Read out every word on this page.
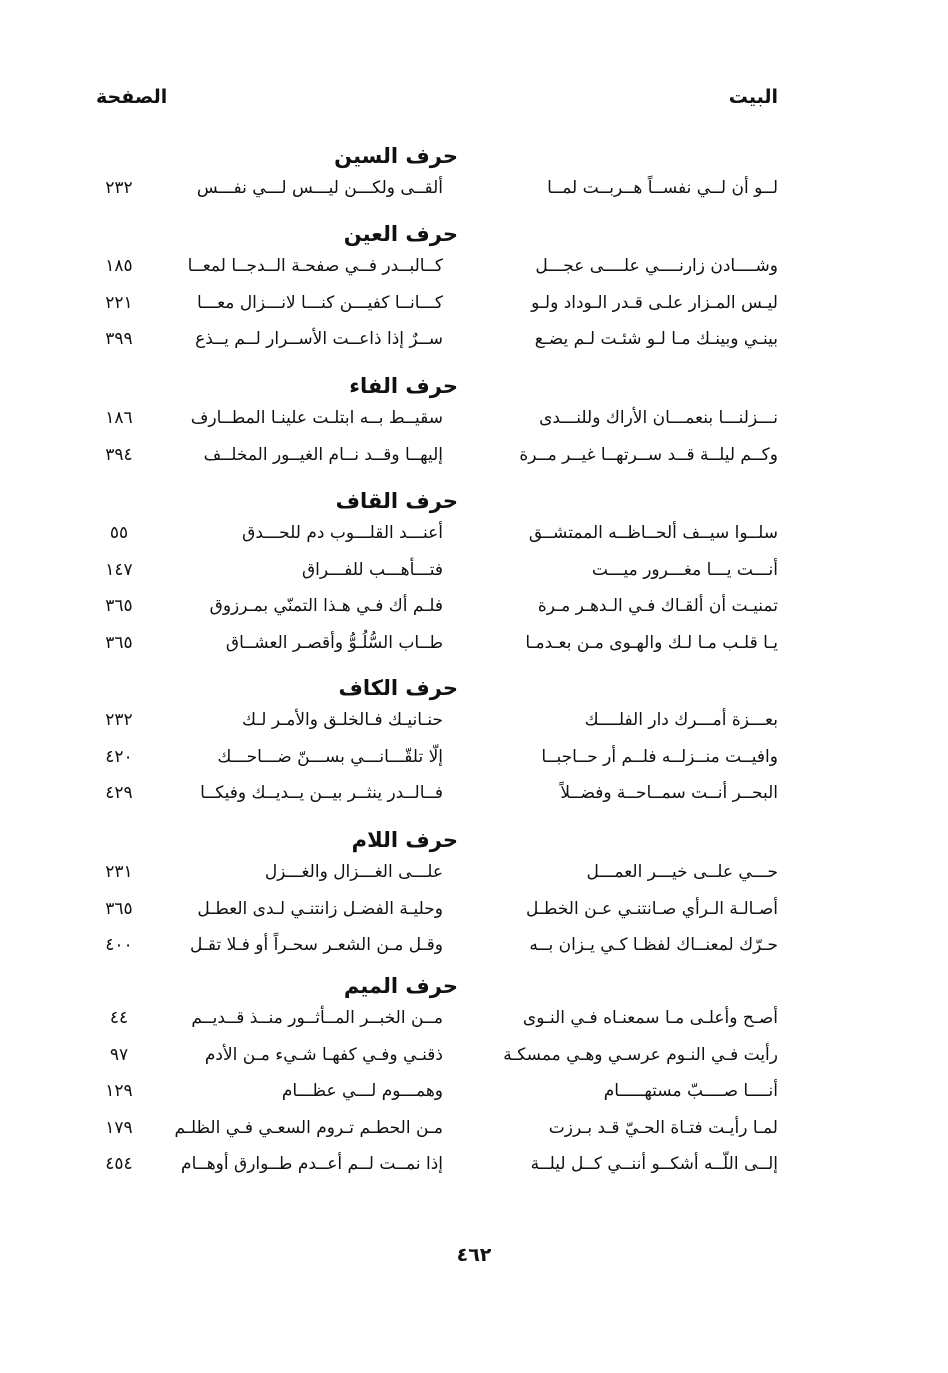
البيت
الصفحة
حرف السين
لــو أن لــي نفســاً هــربــت لمــا
ألقــى ولكـــن ليـــس لـــي نفـــس
٢٣٢
حرف العين
وشــــادن زارنــــي علــــى عجـــل
كــالبــدر فــي صفحـة الــدجــا لمعــا
١٨٥
ليـس المـزار علـى قـدر الـوداد ولـو
كـــانــا كفيـــن كنـــا لانـــزال معـــا
٢٢١
بينـي وبينـك مـا لـو شئـت لـم يضـع
ســرٌ إذا ذاعــت الأســرار لــم يــذع
٣٩٩
حرف الفاء
نـــزلنـــا بنعمـــان الأراك وللنـــدى
سقيــط بــه ابتلـت علينـا المطــارف
١٨٦
وكــم ليلــة قــد ســرتهــا غيــر مــرة
إليهــا وقــد نــام الغيــور المخلــف
٣٩٤
حرف القاف
سلــوا سيــف ألحــاظــه الممتشــق
أعنـــد القلـــوب دم للحـــدق
٥٥
أنـــت يـــا مغـــرور ميـــت
فتـــأهـــب للفـــراق
١٤٧
تمنيـت أن ألقـاك فـي الـدهـر مـرة
فلـم أك فـي هـذا التمنّي بمـرزوق
٣٦٥
يـا قلـب مـا لـك والهـوى مـن بعـدمـا
طــاب السُّلُـوُّ وأقصـر العشــاق
٣٦٥
حرف الكاف
بعـــزة أمـــرك دار الفلــــك
حنـانيـك فـالخلـق والأمـر لـك
٢٣٢
وافيــت منــزلــه فلــم أر حــاجبــا
إلّا تلقّـــانـــي بســـنّ ضـــاحـــك
٤٢٠
البحــر أنــت سمــاحــة وفضــلاً
فــالــدر ينثــر بيــن يــديــك وفيكــا
٤٢٩
حرف اللام
حـــي علــى خيـــر العمـــل
علـــى الغـــزال والغـــزل
٢٣١
أصـالـة الـرأي صـانتنـي عـن الخطـل
وحليـة الفضـل زانتنـي لـدى العطـل
٣٦٥
حـرّك لمعنــاك لفظـا كـي يـزان بــه
وقـل مـن الشعـر سحـراً أو فـلا تقـل
٤٠٠
حرف الميم
أصـح وأعلـى مـا سمعنـاه فـي النـوى
مــن الخبــر المــأثــور منــذ قــديــم
٤٤
رأيت فـي النـوم عرسـي وهـي ممسكـة
ذقنـي وفـي كفهـا شـيء مـن الأدم
٩٧
أنــــا صــــبّ مستهـــــام
وهمـــوم لـــي عظـــام
١٢٩
لمـا رأيـت فتـاة الحـيّ قـد بـرزت
مـن الحطـم تـروم السعـي فـي الظلـم
١٧٩
إلــى اللّــه أشكــو أننــي كــل ليلــة
إذا نمــت لــم أعــدم طــوارق أوهــام
٤٥٤
٤٦٢
